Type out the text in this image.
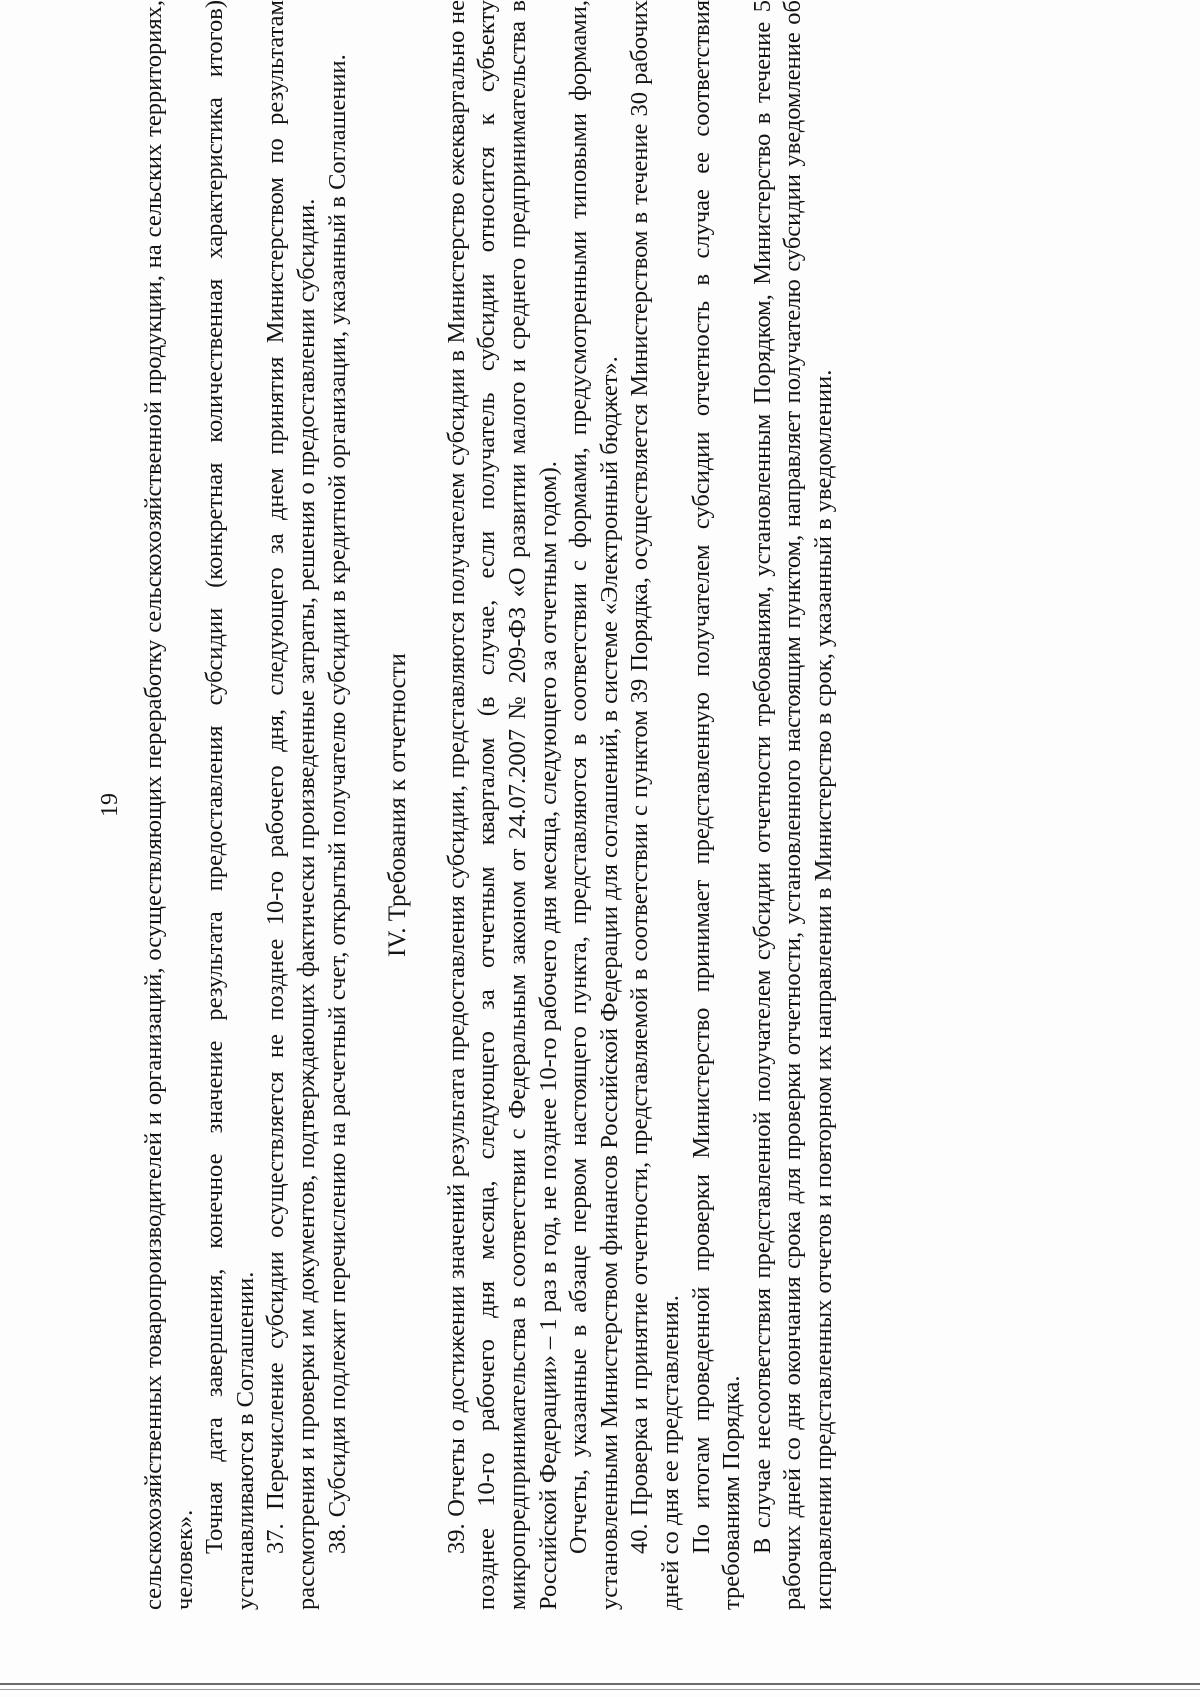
19 сельскохозяйственных товаропроизводителей и организаций, осуществляющих переработку сельскохозяйственной продукции, на сельских территориях, человек».

Точная дата завершения, конечное значение результата предоставления субсидии (конкретная количественная характеристика итогов) устанавливаются в Соглашении. 37. Перечисление субсидии осуществляется не позднее 10-го рабочего дня, следующего за днем принятия Министерством по результатам рассмотрения и проверки им документов, подтверждающих фактически произведенные затраты, решения о предоставлении субсидии. 38. Субсидия подлежит перечислению на расчетный счет, открытый получателю субсидии в кредитной организации, указанный в Соглашении. IV. Требования к отчетности 39. Отчеты о достижении значений результата предоставления субсидии, представляются получателем субсидии в Министерство ежеквартально не позднее 10-го рабочего дня месяца, следующего за отчетным кварталом (в случае, если получатель субсидии относится к субъекту микропредпринимательства в соответствии с Федеральным законом от 24.07.2007 № 209-ФЗ «О развитии малого и среднего предпринимательства в Российской Федерации» – 1 раз в год, не позднее 10-го рабочего дня месяца, следующего за отчетным годом). Отчеты, указанные в абзаце первом настоящего пункта, представляются в соответствии с формами, предусмотренными типовыми формами, установленными Министерством финансов Российской Федерации для соглашений, в системе «Электронный бюджет». 40. Проверка и принятие отчетности, представляемой в соответствии с пунктом 39 Порядка, осуществляется Министерством в течение 30 рабочих дней со дня ее представления. По итогам проведенной проверки Министерство принимает представленную получателем субсидии отчетность в случае ее соответствия требованиям Порядка. В случае несоответствия представленной получателем субсидии отчетности требованиям, установленным Порядком, Министерство в течение 5 рабочих дней со дня окончания срока для проверки отчетности, установленного настоящим пунктом, направляет получателю субсидии уведомление об исправлении представленных отчетов и повторном их направлении в Министерство в срок, указанный в уведомлении.
